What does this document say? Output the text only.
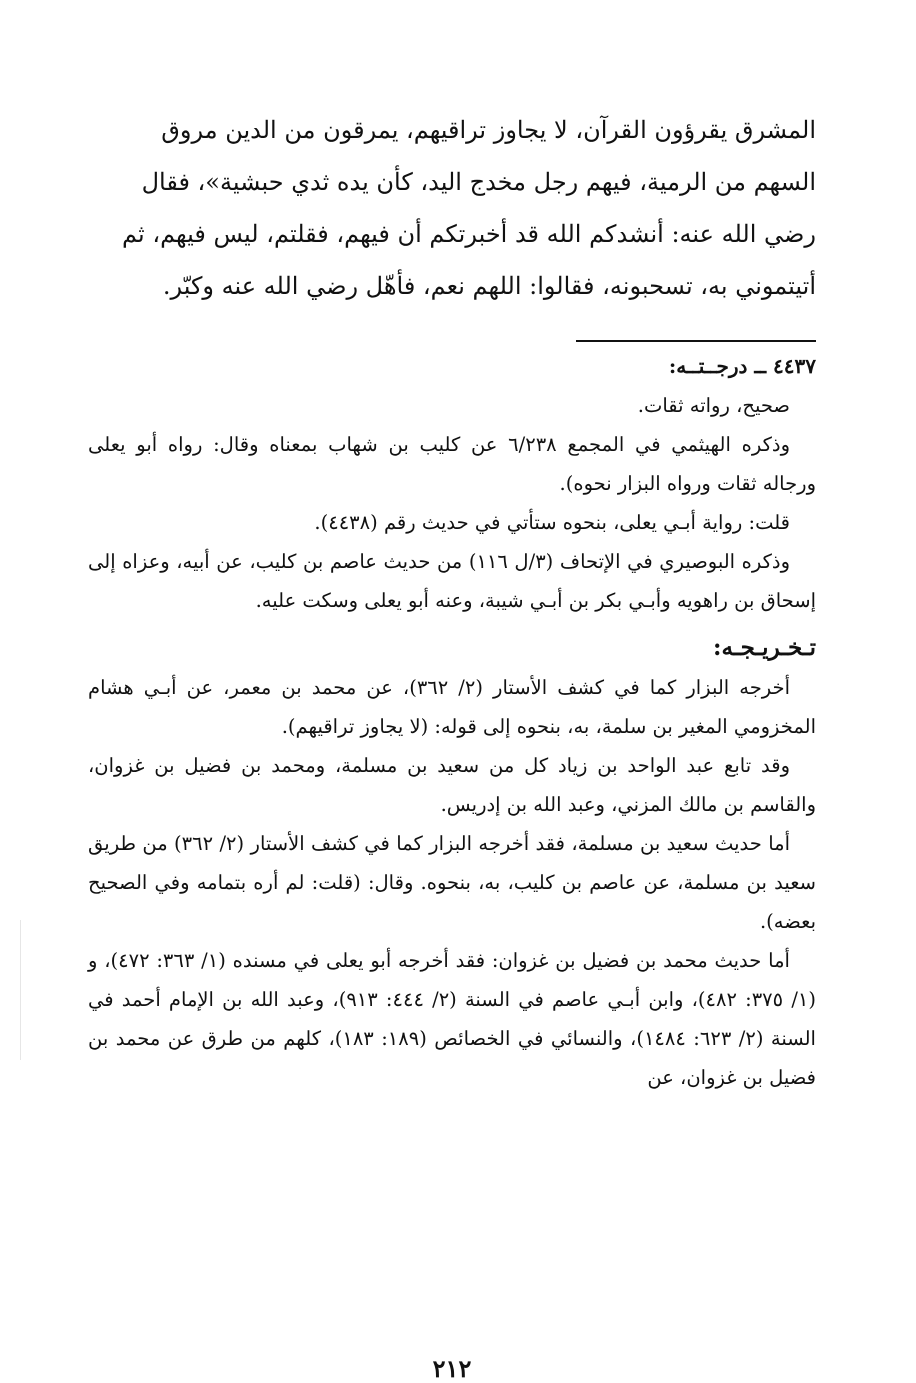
المشرق يقرؤون القرآن، لا يجاوز تراقيهم، يمرقون من الدين مروق

السهم من الرمية، فيهم رجل مخدج اليد، كأن يده ثدي حبشية»، فقال

رضي الله عنه: أنشدكم الله قد أخبرتكم أن فيهم، فقلتم، ليس فيهم، ثم

أتيتموني به، تسحبونه، فقالوا: اللهم نعم، فأهّل رضي الله عنه وكبّر.

٤٤٣٧ ــ درجــتــه:

صحيح، رواته ثقات.

وذكره الهيثمي في المجمع ٦/٢٣٨ عن كليب بن شهاب بمعناه وقال: رواه أبو يعلى ورجاله ثقات ورواه البزار نحوه).

قلت: رواية أبـي يعلى، بنحوه ستأتي في حديث رقم (٤٤٣٨).

وذكره البوصيري في الإتحاف (٣/ل ١١٦) من حديث عاصم بن كليب، عن أبيه، وعزاه إلى إسحاق بن راهويه وأبـي بكر بن أبـي شيبة، وعنه أبو يعلى وسكت عليه.

تـخـريـجـه:

أخرجه البزار كما في كشف الأستار (٢/ ٣٦٢)، عن محمد بن معمر، عن أبـي هشام المخزومي المغير بن سلمة، به، بنحوه إلى قوله: (لا يجاوز تراقيهم).

وقد تابع عبد الواحد بن زياد كل من سعيد بن مسلمة، ومحمد بن فضيل بن غزوان، والقاسم بن مالك المزني، وعبد الله بن إدريس.

أما حديث سعيد بن مسلمة، فقد أخرجه البزار كما في كشف الأستار (٢/ ٣٦٢) من طريق سعيد بن مسلمة، عن عاصم بن كليب، به، بنحوه. وقال: (قلت: لم أره بتمامه وفي الصحيح بعضه).

أما حديث محمد بن فضيل بن غزوان: فقد أخرجه أبو يعلى في مسنده (١/ ٣٦٣: ٤٧٢)، و (١/ ٣٧٥: ٤٨٢)، وابن أبـي عاصم في السنة (٢/ ٤٤٤: ٩١٣)، وعبد الله بن الإمام أحمد في السنة (٢/ ٦٢٣: ١٤٨٤)، والنسائي في الخصائص (١٨٩: ١٨٣)، كلهم من طرق عن محمد بن فضيل بن غزوان، عن

٢١٢
